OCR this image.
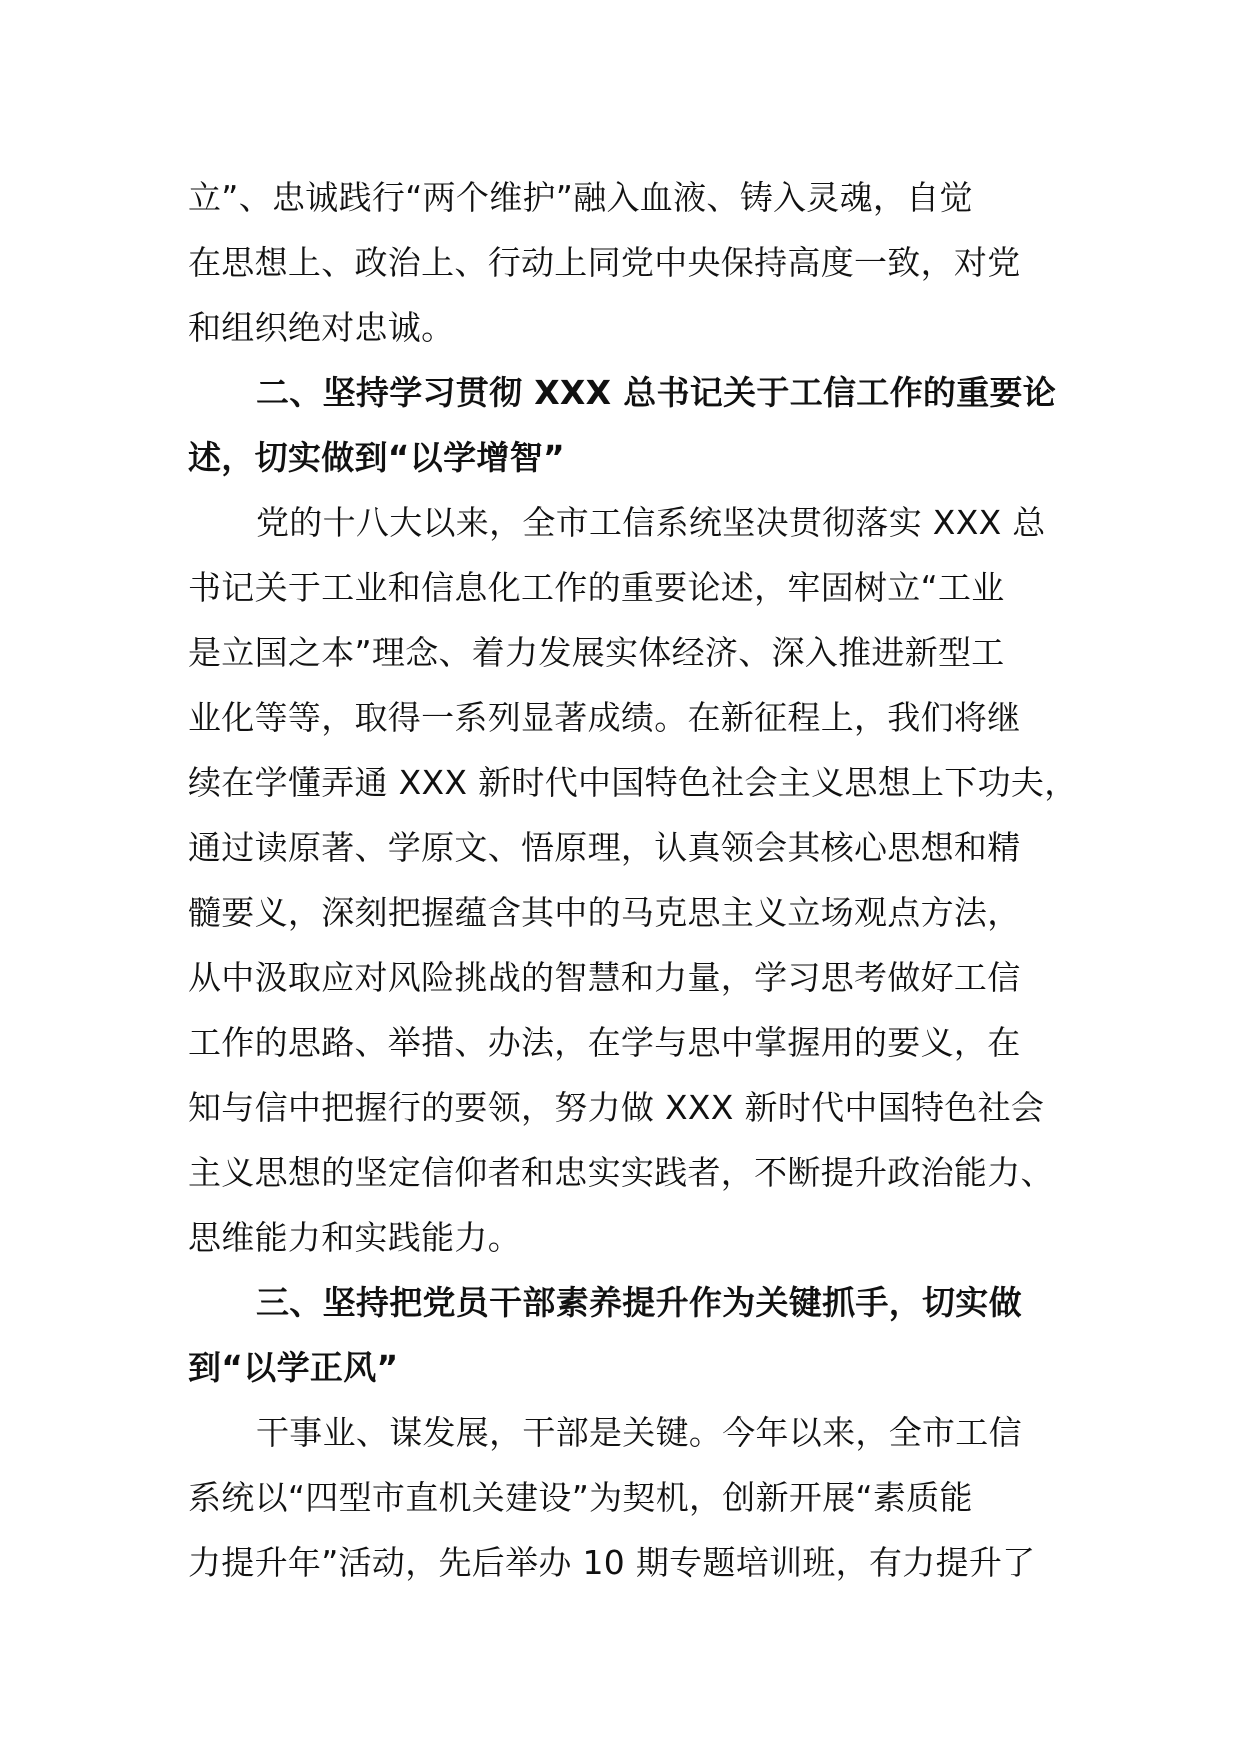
立”、忠诚践行“两个维护”融入血液、铸入灵魂，自觉
在思想上、政治上、行动上同党中央保持高度一致，对党
和组织绝对忠诚。
二、坚持学习贯彻 XXX 总书记关于工信工作的重要论
述，切实做到“以学增智”
党的十八大以来，全市工信系统坚决贯彻落实 XXX 总
书记关于工业和信息化工作的重要论述，牢固树立“工业
是立国之本”理念、着力发展实体经济、深入推进新型工
业化等等，取得一系列显著成绩。在新征程上，我们将继
续在学懂弄通 XXX 新时代中国特色社会主义思想上下功夫，
通过读原著、学原文、悟原理，认真领会其核心思想和精
髓要义，深刻把握蕴含其中的马克思主义立场观点方法，
从中汲取应对风险挑战的智慧和力量，学习思考做好工信
工作的思路、举措、办法，在学与思中掌握用的要义，在
知与信中把握行的要领，努力做 XXX 新时代中国特色社会
主义思想的坚定信仰者和忠实实践者，不断提升政治能力、
思维能力和实践能力。
三、坚持把党员干部素养提升作为关键抓手，切实做
到“以学正风”
干事业、谋发展，干部是关键。今年以来，全市工信
系统以“四型市直机关建设”为契机，创新开展“素质能
力提升年”活动，先后举办 10 期专题培训班，有力提升了
